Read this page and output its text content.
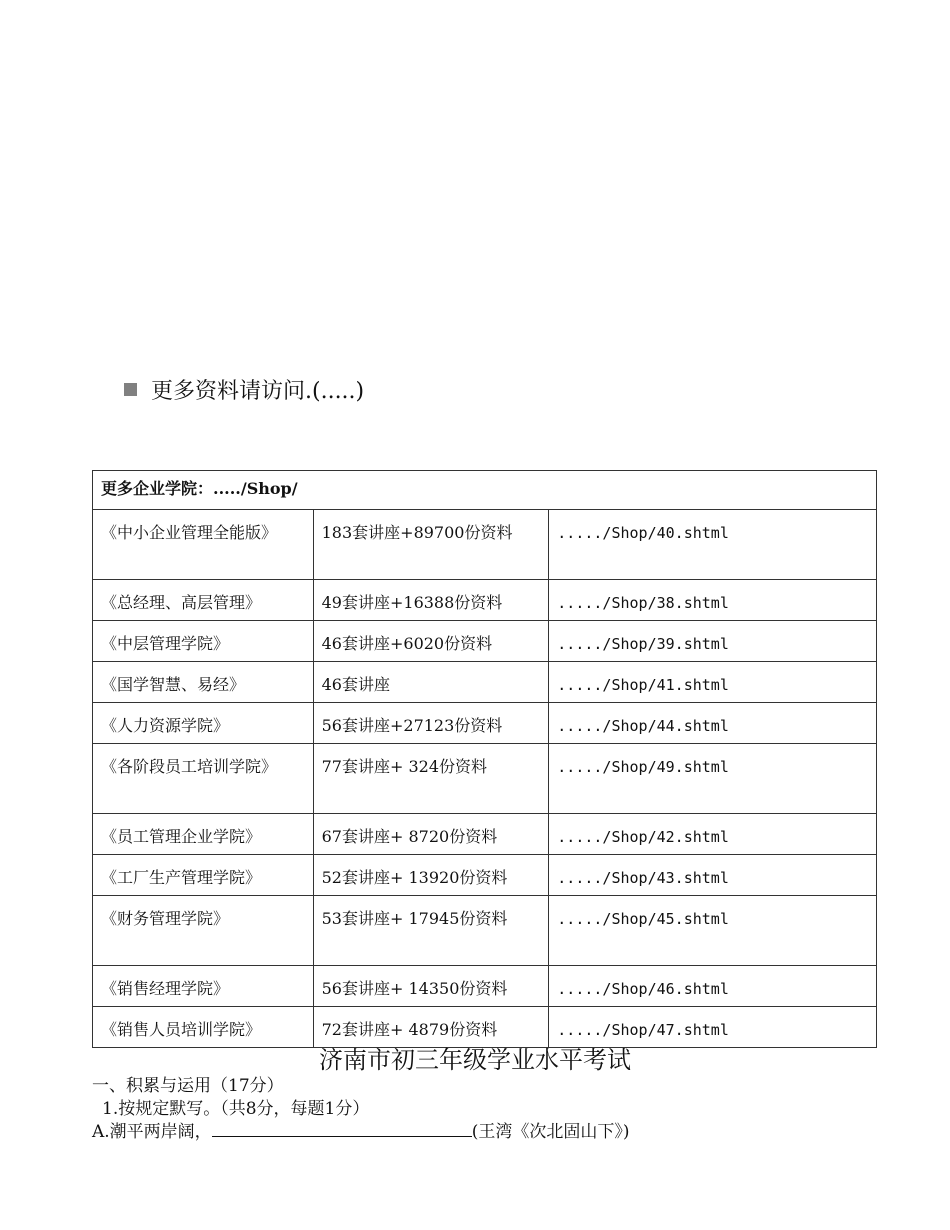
更多资料请访问.(.....)
更多企业学院：...../Shop/		
《中小企业管理全能版》	183套讲座+89700份资料	...../Shop/40.shtml
《总经理、高层管理》	49套讲座+16388份资料	...../Shop/38.shtml
《中层管理学院》	46套讲座+6020份资料	...../Shop/39.shtml
《国学智慧、易经》	46套讲座	...../Shop/41.shtml
《人力资源学院》	56套讲座+27123份资料	...../Shop/44.shtml
《各阶段员工培训学院》	77套讲座+ 324份资料	...../Shop/49.shtml
《员工管理企业学院》	67套讲座+ 8720份资料	...../Shop/42.shtml
《工厂生产管理学院》	52套讲座+ 13920份资料	...../Shop/43.shtml
《财务管理学院》	53套讲座+ 17945份资料	...../Shop/45.shtml
《销售经理学院》	56套讲座+ 14350份资料	...../Shop/46.shtml
《销售人员培训学院》	72套讲座+ 4879份资料	...../Shop/47.shtml
济南市初三年级学业水平考试
一、积累与运用（17分）
1.按规定默写。（共8分，每题1分）
A.潮平两岸阔，	(王湾《次北固山下》)
